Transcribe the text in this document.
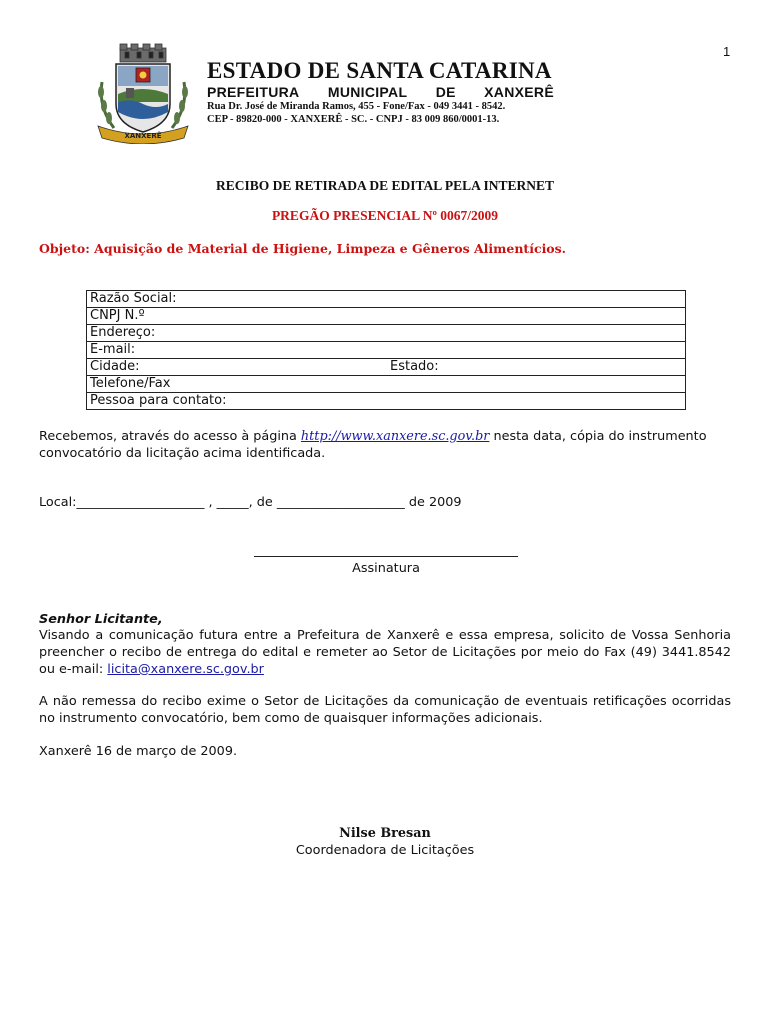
1
XANXERÊ
ESTADO DE SANTA CATARINA
PREFEITURA MUNICIPAL DE XANXERÊ
Rua Dr. José de Miranda Ramos, 455 - Fone/Fax - 049 3441 - 8542.
CEP - 89820-000 - XANXERÊ - SC. - CNPJ - 83 009 860/0001-13.
RECIBO DE RETIRADA DE EDITAL PELA INTERNET
PREGÃO PRESENCIAL Nº 0067/2009
Objeto: Aquisição de Material de Higiene, Limpeza e Gêneros Alimentícios.
Razão Social:
CNPJ N.º
Endereço:
E-mail:
Cidade:	Estado:

Telefone/Fax
Pessoa para contato:
Recebemos, através do acesso à página http://www.xanxere.sc.gov.br nesta data, cópia do instrumento
convocatório da licitação acima identificada.
Local:____________________ , _____, de ____________________ de 2009
Assinatura
Senhor Licitante,
Visando a comunicação futura entre a Prefeitura de Xanxerê e essa empresa, solicito de Vossa Senhoria preencher o recibo de entrega do edital e remeter ao Setor de Licitações por meio do Fax (49) 3441.8542 ou e-mail: licita@xanxere.sc.gov.br
A não remessa do recibo exime o Setor de Licitações da comunicação de eventuais retificações ocorridas no instrumento convocatório, bem como de quaisquer informações adicionais.
Xanxerê 16 de março de 2009.
Nilse Bresan
Coordenadora de Licitações
